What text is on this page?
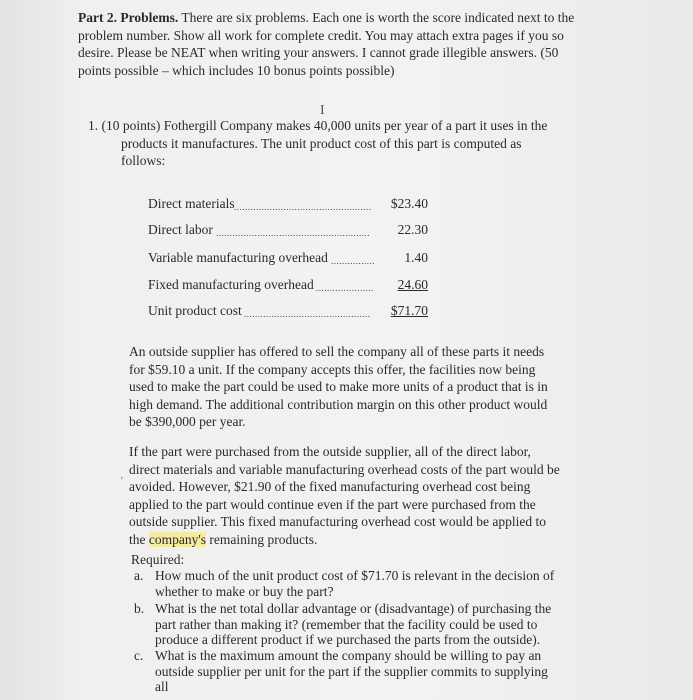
Part 2. Problems. There are six problems. Each one is worth the score indicated next to the problem number. Show all work for complete credit. You may attach extra pages if you so desire. Please be NEAT when writing your answers. I cannot grade illegible answers. (50 points possible – which includes 10 bonus points possible)
I
1. (10 points) Fothergill Company makes 40,000 units per year of a part it uses in the
products it manufactures. The unit product cost of this part is computed as follows:
Direct materials ..................................................	$23.40
Direct labor ........................................................	22.30
Variable manufacturing overhead ................ 1.40
Fixed manufacturing overhead .....................	24.60
Unit product cost ..............................................	$71.70
An outside supplier has offered to sell the company all of these parts it needs for $59.10 a unit. If the company accepts this offer, the facilities now being used to make the part could be used to make more units of a product that is in high demand. The additional contribution margin on this other product would be $390,000 per year.
'
If the part were purchased from the outside supplier, all of the direct labor, direct materials and variable manufacturing overhead costs of the part would be avoided. However, $21.90 of the fixed manufacturing overhead cost being applied to the part would continue even if the part were purchased from the outside supplier. This fixed manufacturing overhead cost would be applied to the company's remaining products.
Required:
a. How much of the unit product cost of $71.70 is relevant in the decision of whether to make or buy the part?
b. What is the net total dollar advantage or (disadvantage) of purchasing the part rather than making it? (remember that the facility could be used to produce a different product if we purchased the parts from the outside).
c. What is the maximum amount the company should be willing to pay an outside supplier per unit for the part if the supplier commits to supplying all
